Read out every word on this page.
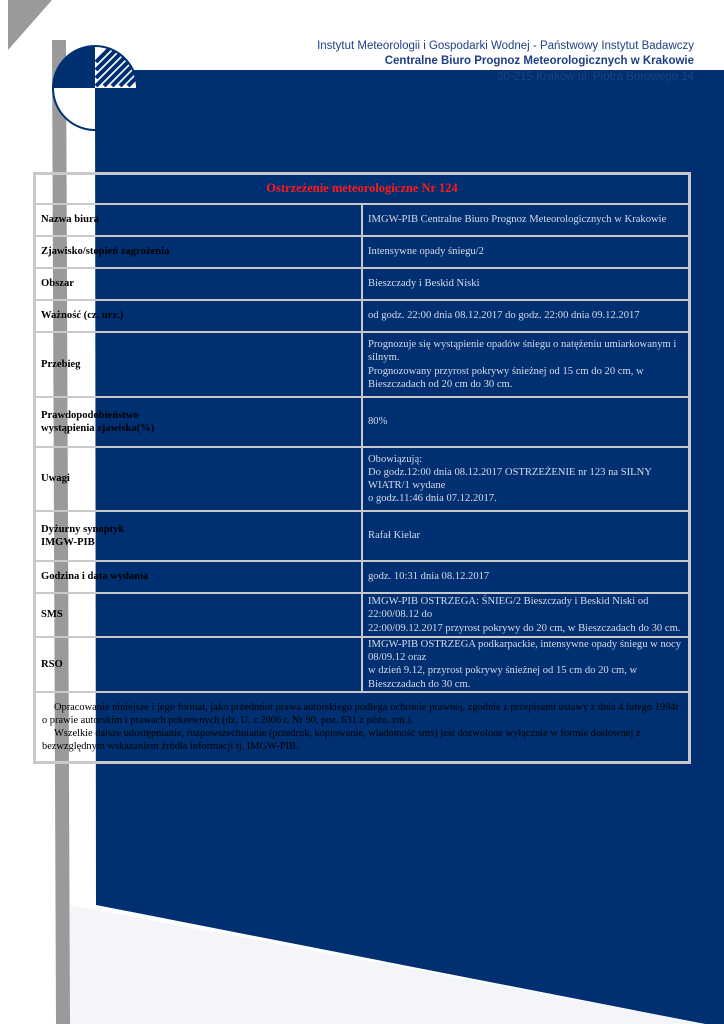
Instytut Meteorologii i Gospodarki Wodnej - Państwowy Instytut Badawczy
Centralne Biuro Prognoz Meteorologicznych w Krakowie
30-215 Kraków ul. Piotra Borowego 14
Ostrzeżenie meteorologiczne Nr 124	
Nazwa biura	IMGW-PIB Centralne Biuro Prognoz Meteorologicznych w Krakowie
Zjawisko/stopień zagrożenia	Intensywne opady śniegu/2
Obszar	Bieszczady i Beskid Niski
Ważność (cz. urz.)	od godz. 22:00 dnia 08.12.2017 do godz. 22:00 dnia 09.12.2017
Przebieg	Prognozuje się wystąpienie opadów śniegu o natężeniu umiarkowanym i silnym.
Prognozowany przyrost pokrywy śnieżnej od 15 cm do 20 cm, w Bieszczadach od 20 cm do 30 cm.

Prawdopodobieństwo
wystąpienia zjawiska(%)	80%
Uwagi	Obowiązują:
Do godz.12:00 dnia 08.12.2017 OSTRZEŻENIE nr 123 na SILNY WIATR/1 wydane
o godz.11:46 dnia 07.12.2017.

Dyżurny synoptyk
IMGW-PIB	Rafał Kielar
Godzina i data wydania	godz. 10:31 dnia 08.12.2017
SMS	IMGW-PIB OSTRZEGA: ŚNIEG/2 Bieszczady i Beskid Niski od 22:00/08.12 do
22:00/09.12.2017 przyrost pokrywy do 20 cm, w Bieszczadach do 30 cm.

RSO	IMGW-PIB OSTRZEGA podkarpackie, intensywne opady śniegu w nocy 08/09.12 oraz
w dzień 9.12, przyrost pokrywy śnieżnej od 15 cm do 20 cm, w Bieszczadach do 30 cm.

Opracowanie niniejsze i jego format, jako przedmiot prawa autorskiego podlega ochronie prawnej, zgodnie z przepisami ustawy z dnia 4 lutego 1994r o prawie autorskim i prawach pokrewnych (dz. U. z 2006 r. Nr 90, poz. 631 z późn. zm.).
Wszelkie dalsze udostępnianie, rozpowszechnianie (przedruk, kopiowanie, wiadomość sms) jest dozwolone wyłącznie w formie dosłownej z bezwzględnym wskazaniem źródła informacji tj. IMGW-PIB.	
